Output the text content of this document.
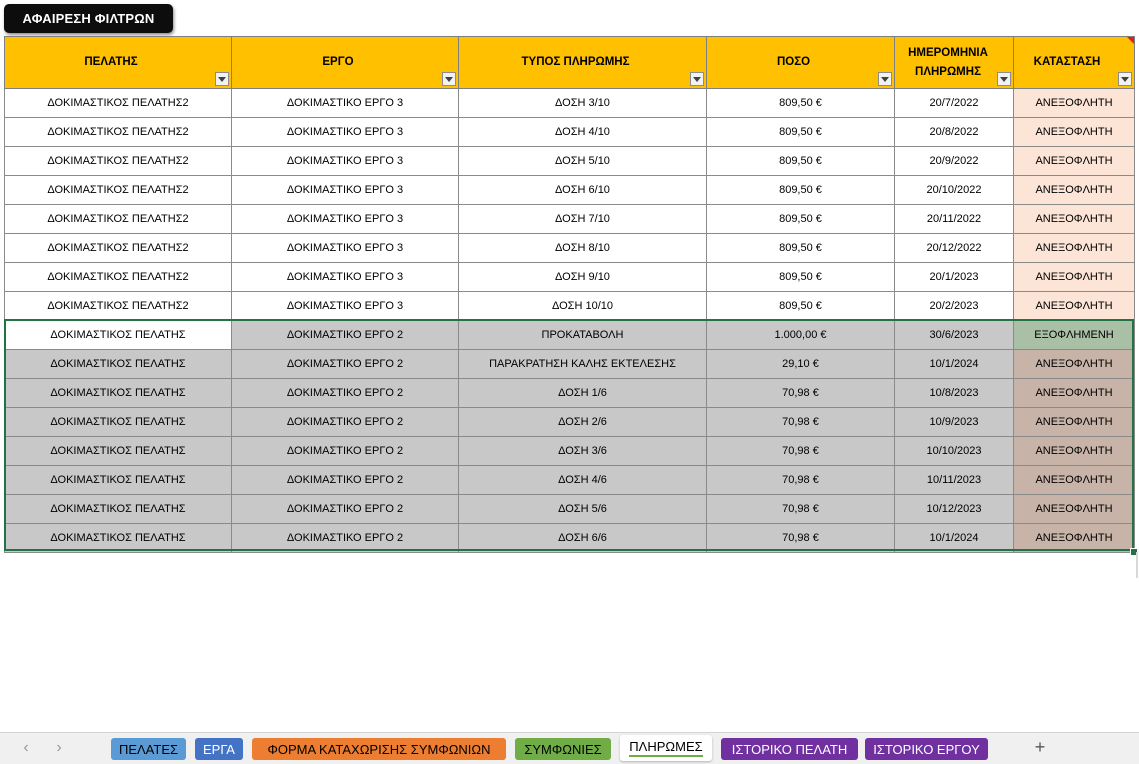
ΑΦΑΙΡΕΣΗ ΦΙΛΤΡΩΝ
ΠΕΛΑΤΗΣ	ΕΡΓΟ	ΤΥΠΟΣ ΠΛΗΡΩΜΗΣ	ΠΟΣΟ	ΗΜΕΡΟΜΗΝΙΑ ΠΛΗΡΩΜΗΣ	ΚΑΤΑΣΤΑΣΗ

ΔΟΚΙΜΑΣΤΙΚΟΣ ΠΕΛΑΤΗΣ2	ΔΟΚΙΜΑΣΤΙΚΟ ΕΡΓΟ 3	ΔΟΣΗ 3/10	809,50 €	20/7/2022	ΑΝΕΞΟΦΛΗΤΗ
ΔΟΚΙΜΑΣΤΙΚΟΣ ΠΕΛΑΤΗΣ2	ΔΟΚΙΜΑΣΤΙΚΟ ΕΡΓΟ 3	ΔΟΣΗ 4/10	809,50 €	20/8/2022	ΑΝΕΞΟΦΛΗΤΗ
ΔΟΚΙΜΑΣΤΙΚΟΣ ΠΕΛΑΤΗΣ2	ΔΟΚΙΜΑΣΤΙΚΟ ΕΡΓΟ 3	ΔΟΣΗ 5/10	809,50 €	20/9/2022	ΑΝΕΞΟΦΛΗΤΗ
ΔΟΚΙΜΑΣΤΙΚΟΣ ΠΕΛΑΤΗΣ2	ΔΟΚΙΜΑΣΤΙΚΟ ΕΡΓΟ 3	ΔΟΣΗ 6/10	809,50 €	20/10/2022	ΑΝΕΞΟΦΛΗΤΗ
ΔΟΚΙΜΑΣΤΙΚΟΣ ΠΕΛΑΤΗΣ2	ΔΟΚΙΜΑΣΤΙΚΟ ΕΡΓΟ 3	ΔΟΣΗ 7/10	809,50 €	20/11/2022	ΑΝΕΞΟΦΛΗΤΗ
ΔΟΚΙΜΑΣΤΙΚΟΣ ΠΕΛΑΤΗΣ2	ΔΟΚΙΜΑΣΤΙΚΟ ΕΡΓΟ 3	ΔΟΣΗ 8/10	809,50 €	20/12/2022	ΑΝΕΞΟΦΛΗΤΗ
ΔΟΚΙΜΑΣΤΙΚΟΣ ΠΕΛΑΤΗΣ2	ΔΟΚΙΜΑΣΤΙΚΟ ΕΡΓΟ 3	ΔΟΣΗ 9/10	809,50 €	20/1/2023	ΑΝΕΞΟΦΛΗΤΗ
ΔΟΚΙΜΑΣΤΙΚΟΣ ΠΕΛΑΤΗΣ2	ΔΟΚΙΜΑΣΤΙΚΟ ΕΡΓΟ 3	ΔΟΣΗ 10/10	809,50 €	20/2/2023	ΑΝΕΞΟΦΛΗΤΗ
ΔΟΚΙΜΑΣΤΙΚΟΣ ΠΕΛΑΤΗΣ	ΔΟΚΙΜΑΣΤΙΚΟ ΕΡΓΟ 2	ΠΡΟΚΑΤΑΒΟΛΗ	1.000,00 €	30/6/2023	ΕΞΟΦΛΗΜΕΝΗ
ΔΟΚΙΜΑΣΤΙΚΟΣ ΠΕΛΑΤΗΣ	ΔΟΚΙΜΑΣΤΙΚΟ ΕΡΓΟ 2	ΠΑΡΑΚΡΑΤΗΣΗ ΚΑΛΗΣ ΕΚΤΕΛΕΣΗΣ	29,10 €	10/1/2024	ΑΝΕΞΟΦΛΗΤΗ
ΔΟΚΙΜΑΣΤΙΚΟΣ ΠΕΛΑΤΗΣ	ΔΟΚΙΜΑΣΤΙΚΟ ΕΡΓΟ 2	ΔΟΣΗ 1/6	70,98 €	10/8/2023	ΑΝΕΞΟΦΛΗΤΗ
ΔΟΚΙΜΑΣΤΙΚΟΣ ΠΕΛΑΤΗΣ	ΔΟΚΙΜΑΣΤΙΚΟ ΕΡΓΟ 2	ΔΟΣΗ 2/6	70,98 €	10/9/2023	ΑΝΕΞΟΦΛΗΤΗ
ΔΟΚΙΜΑΣΤΙΚΟΣ ΠΕΛΑΤΗΣ	ΔΟΚΙΜΑΣΤΙΚΟ ΕΡΓΟ 2	ΔΟΣΗ 3/6	70,98 €	10/10/2023	ΑΝΕΞΟΦΛΗΤΗ
ΔΟΚΙΜΑΣΤΙΚΟΣ ΠΕΛΑΤΗΣ	ΔΟΚΙΜΑΣΤΙΚΟ ΕΡΓΟ 2	ΔΟΣΗ 4/6	70,98 €	10/11/2023	ΑΝΕΞΟΦΛΗΤΗ
ΔΟΚΙΜΑΣΤΙΚΟΣ ΠΕΛΑΤΗΣ	ΔΟΚΙΜΑΣΤΙΚΟ ΕΡΓΟ 2	ΔΟΣΗ 5/6	70,98 €	10/12/2023	ΑΝΕΞΟΦΛΗΤΗ
ΔΟΚΙΜΑΣΤΙΚΟΣ ΠΕΛΑΤΗΣ	ΔΟΚΙΜΑΣΤΙΚΟ ΕΡΓΟ 2	ΔΟΣΗ 6/6	70,98 €	10/1/2024	ΑΝΕΞΟΦΛΗΤΗ
‹	›	ΠΕΛΑΤΕΣ ΕΡΓΑ ΦΟΡΜΑ ΚΑΤΑΧΩΡΙΣΗΣ ΣΥΜΦΩΝΙΩΝ	ΣΥΜΦΩΝΙΕΣ ΠΛΗΡΩΜΕΣ ΙΣΤΟΡΙΚΟ ΠΕΛΑΤΗ ΙΣΤΟΡΙΚΟ ΕΡΓΟΥ	+
